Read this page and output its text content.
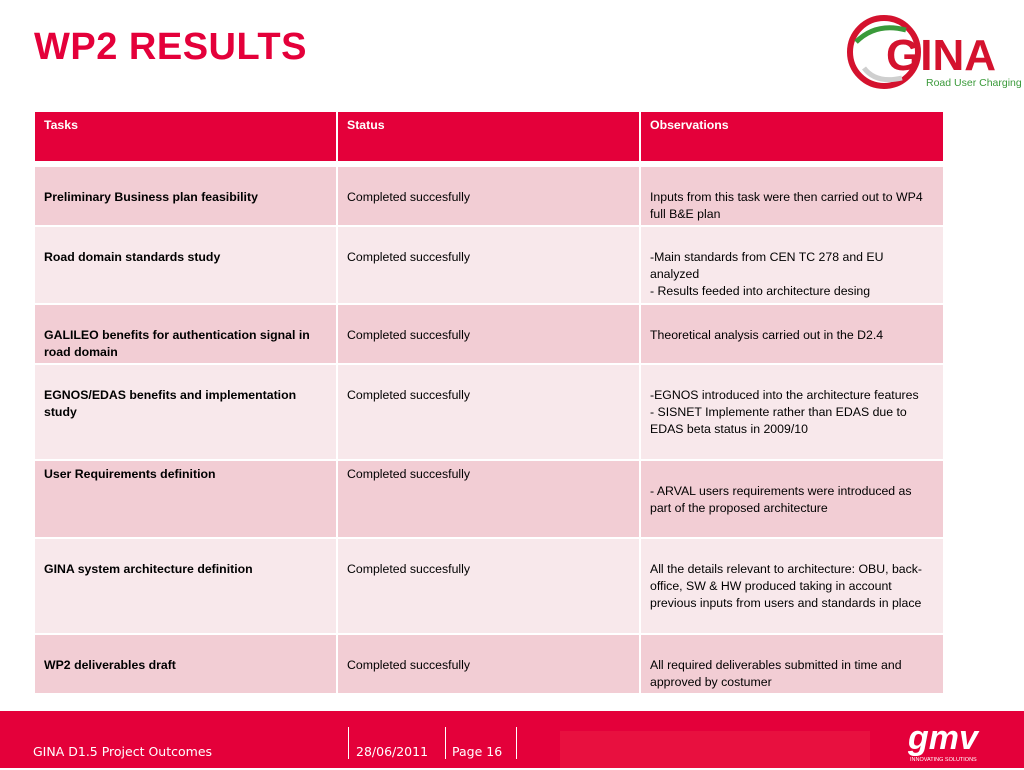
WP2 RESULTS	GINA
Road User Charging
Tasks	Status	Observations

Preliminary Business plan feasibility	Completed succesfully	Inputs from this task were then carried out to WP4 full B&E plan

Road domain standards study	Completed succesfully	-Main standards from CEN TC 278 and EU analyzed
- Results feeded into architecture desing

GALILEO benefits for authentication signal in road domain	Completed succesfully	Theoretical analysis carried out in the D2.4

EGNOS/EDAS benefits and implementation study	Completed succesfully	-EGNOS introduced into the architecture features
- SISNET Implemente rather than EDAS due to EDAS beta status in 2009/10

User Requirements definition	Completed succesfully	- ARVAL users requirements were introduced as part of the proposed architecture

GINA system architecture definition	Completed succesfully	All the details relevant to architecture: OBU, back-office, SW & HW produced taking in account previous inputs from users and standards in place

WP2 deliverables draft	Completed succesfully	All required deliverables submitted in time and approved by costumer
GINA D1.5 Project Outcomes	28/06/2011 Page 16	gmv
INNOVATING SOLUTIONS
